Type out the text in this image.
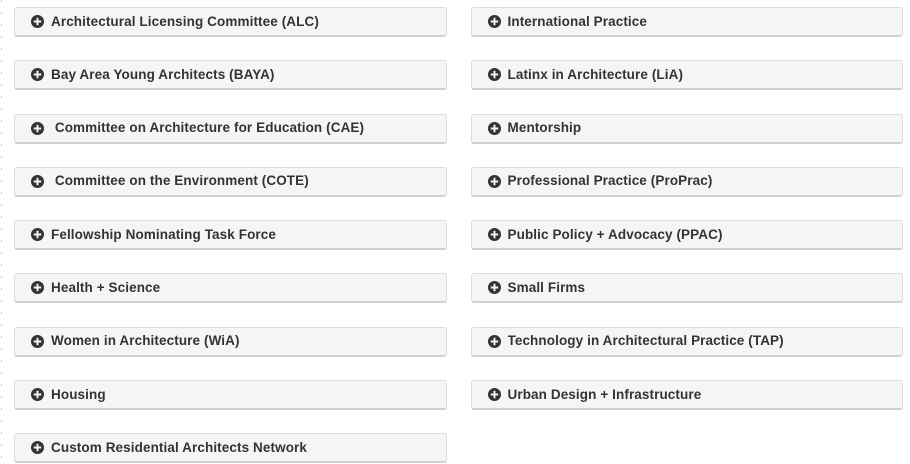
Architectural Licensing Committee (ALC)
Bay Area Young Architects (BAYA)
Committee on Architecture for Education (CAE)
Committee on the Environment (COTE)
Fellowship Nominating Task Force
Health + Science
Women in Architecture (WiA)
Housing
Custom Residential Architects Network
International Practice
Latinx in Architecture (LiA)
Mentorship
Professional Practice (ProPrac)
Public Policy + Advocacy (PPAC)
Small Firms
Technology in Architectural Practice (TAP)
Urban Design + Infrastructure
